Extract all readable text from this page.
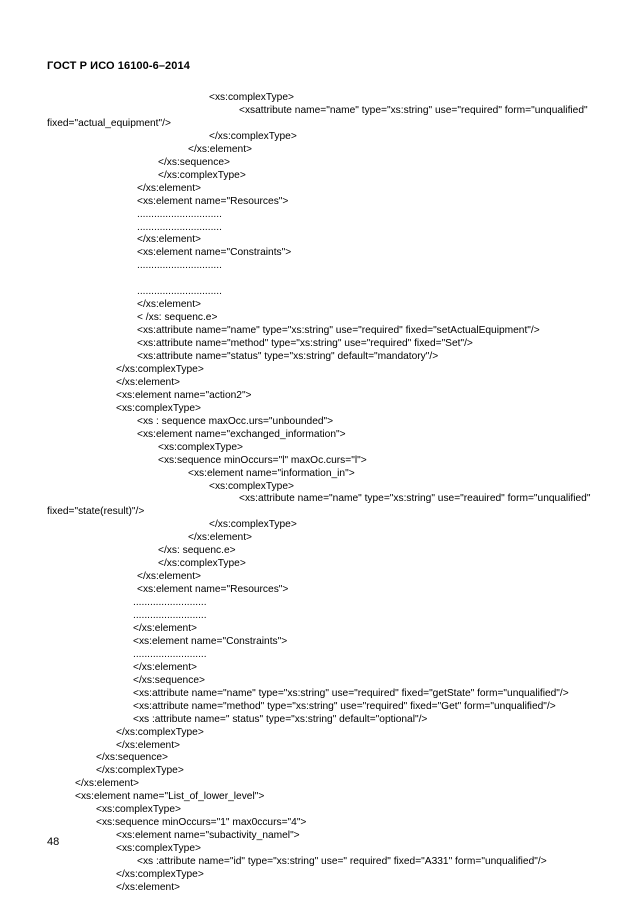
ГОСТ Р ИСО 16100-6–2014
<xs:complexType>
<xsattribute name="name" type="xs:string" use="required" form="unqualified"
fixed="actual_equipment"/>
</xs:complexType>
</xs:element>
</xs:sequence>
</xs:complexType>
</xs:element>
<xs:element name="Resources">
..............................
..............................
</xs:element>
<xs:element name="Constraints">
..............................
..............................
</xs:element>
< /xs: sequenc.e>
<xs:attribute name="name" type="xs:string" use="required" fixed="setActualEquipment"/>
<xs:attribute name="method" type="xs:string" use="required" fixed="Set"/>
<xs:attribute name="status" type="xs:string" default="mandatory"/>
</xs:complexType>
</xs:element>
<xs:element name="action2">
<xs:complexType>
<xs : sequence maxOcc.urs="unbounded">
<xs:element name="exchanged_information">
<xs:complexType>
<xs:sequence minOccurs="l" maxOc.curs="l">
<xs:element name="information_in">
<xs:complexType>
<xs:attribute name="name" type="xs:string" use="reauired" form="unqualified"
fixed="state(result)"/>
</xs:complexType>
</xs:element>
</xs: sequenc.e>
</xs:complexType>
</xs:element>
<xs:element name="Resources">
..........................
..........................
</xs:element>
<xs:element name="Constraints">
..........................
</xs:element>
</xs:sequence>
<xs:attribute name="name" type="xs:string" use="required" fixed="getState" form="unqualified"/>
<xs:attribute name="method" type="xs:string" use="required" fixed="Get" form="unqualified"/>
<xs :attribute name=" status" type="xs:string" default="optional"/>
</xs:complexType>
</xs:element>
</xs:sequence>
</xs:complexType>
</xs:element>
<xs:element name="List_of_lower_level">
<xs:complexType>
<xs:sequence minOccurs="1" max0ccurs="4">
<xs:element name="subactivity_namel">
<xs:complexType>
<xs :attribute name="id" type="xs:string" use=" required" fixed="A331" form="unqualified"/>
</xs:complexType>
</xs:element>
48
